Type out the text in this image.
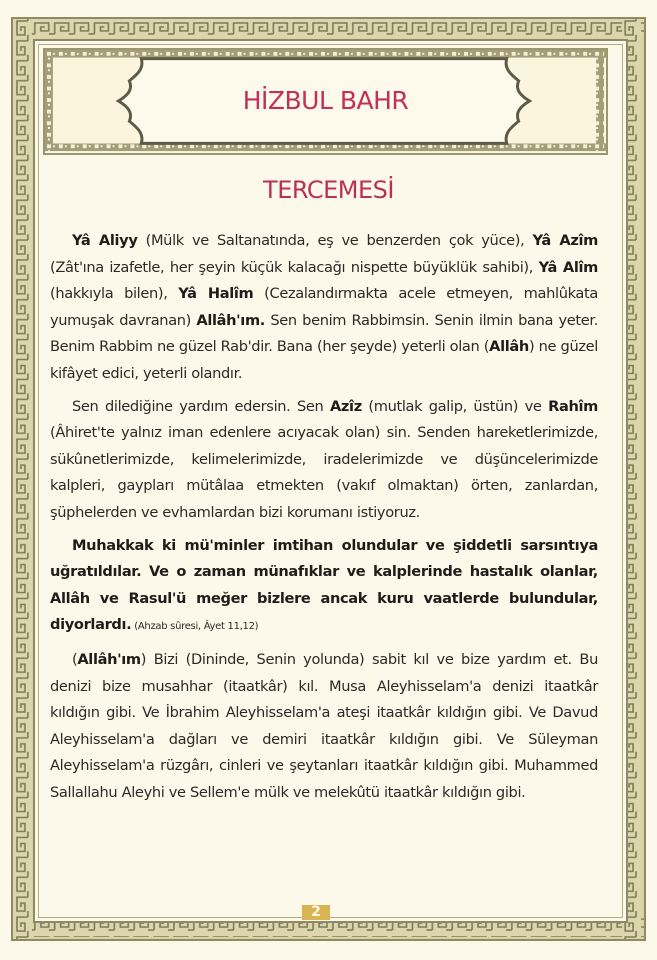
HİZBUL BAHR
TERCEMESİ

Yâ Aliyy (Mülk ve Saltanatında, eş ve benzerden çok yüce), Yâ Azîm (Zât'ına izafetle, her şeyin küçük kalacağı nispette büyüklük sahibi), Yâ Alîm (hakkıyla bilen), Yâ Halîm (Cezalandırmakta acele etmeyen, mahlûkata yumuşak davranan) Allâh'ım. Sen benim Rabbimsin. Senin ilmin bana yeter. Benim Rabbim ne güzel Rab'dir. Bana (her şeyde) yeterli olan (Allâh) ne güzel kifâyet edici, yeterli olandır.

Sen dilediğine yardım edersin. Sen Azîz (mutlak galip, üstün) ve Rahîm (Âhiret'te yalnız iman edenlere acıyacak olan) sin. Senden hareketlerimizde, sükûnetlerimizde, kelimelerimizde, iradelerimizde ve düşüncelerimizde kalpleri, gaypları mütâlaa etmekten (vakıf olmaktan) örten, zanlardan, şüphelerden ve evhamlardan bizi korumanı istiyoruz.

Muhakkak ki mü'minler imtihan olundular ve şiddetli sarsıntıya uğratıldılar. Ve o zaman münafıklar ve kalplerinde hastalık olanlar, Allâh ve Rasul'ü meğer bizlere ancak kuru vaatlerde bulundular, diyorlardı. (Ahzab sûresi, Âyet 11,12)

(Allâh'ım) Bizi (Dininde, Senin yolunda) sabit kıl ve bize yardım et. Bu denizi bize musahhar (itaatkâr) kıl. Musa Aleyhisselam'a denizi itaatkâr kıldığın gibi. Ve İbrahim Aleyhisselam'a ateşi itaatkâr kıldığın gibi. Ve Davud Aleyhisselam'a dağları ve demiri itaatkâr kıldığın gibi. Ve Süleyman Aleyhisselam'a rüzgârı, cinleri ve şeytanları itaatkâr kıldığın gibi. Muhammed Sallallahu Aleyhi ve Sellem'e mülk ve melekûtü itaatkâr kıldığın gibi.

2
